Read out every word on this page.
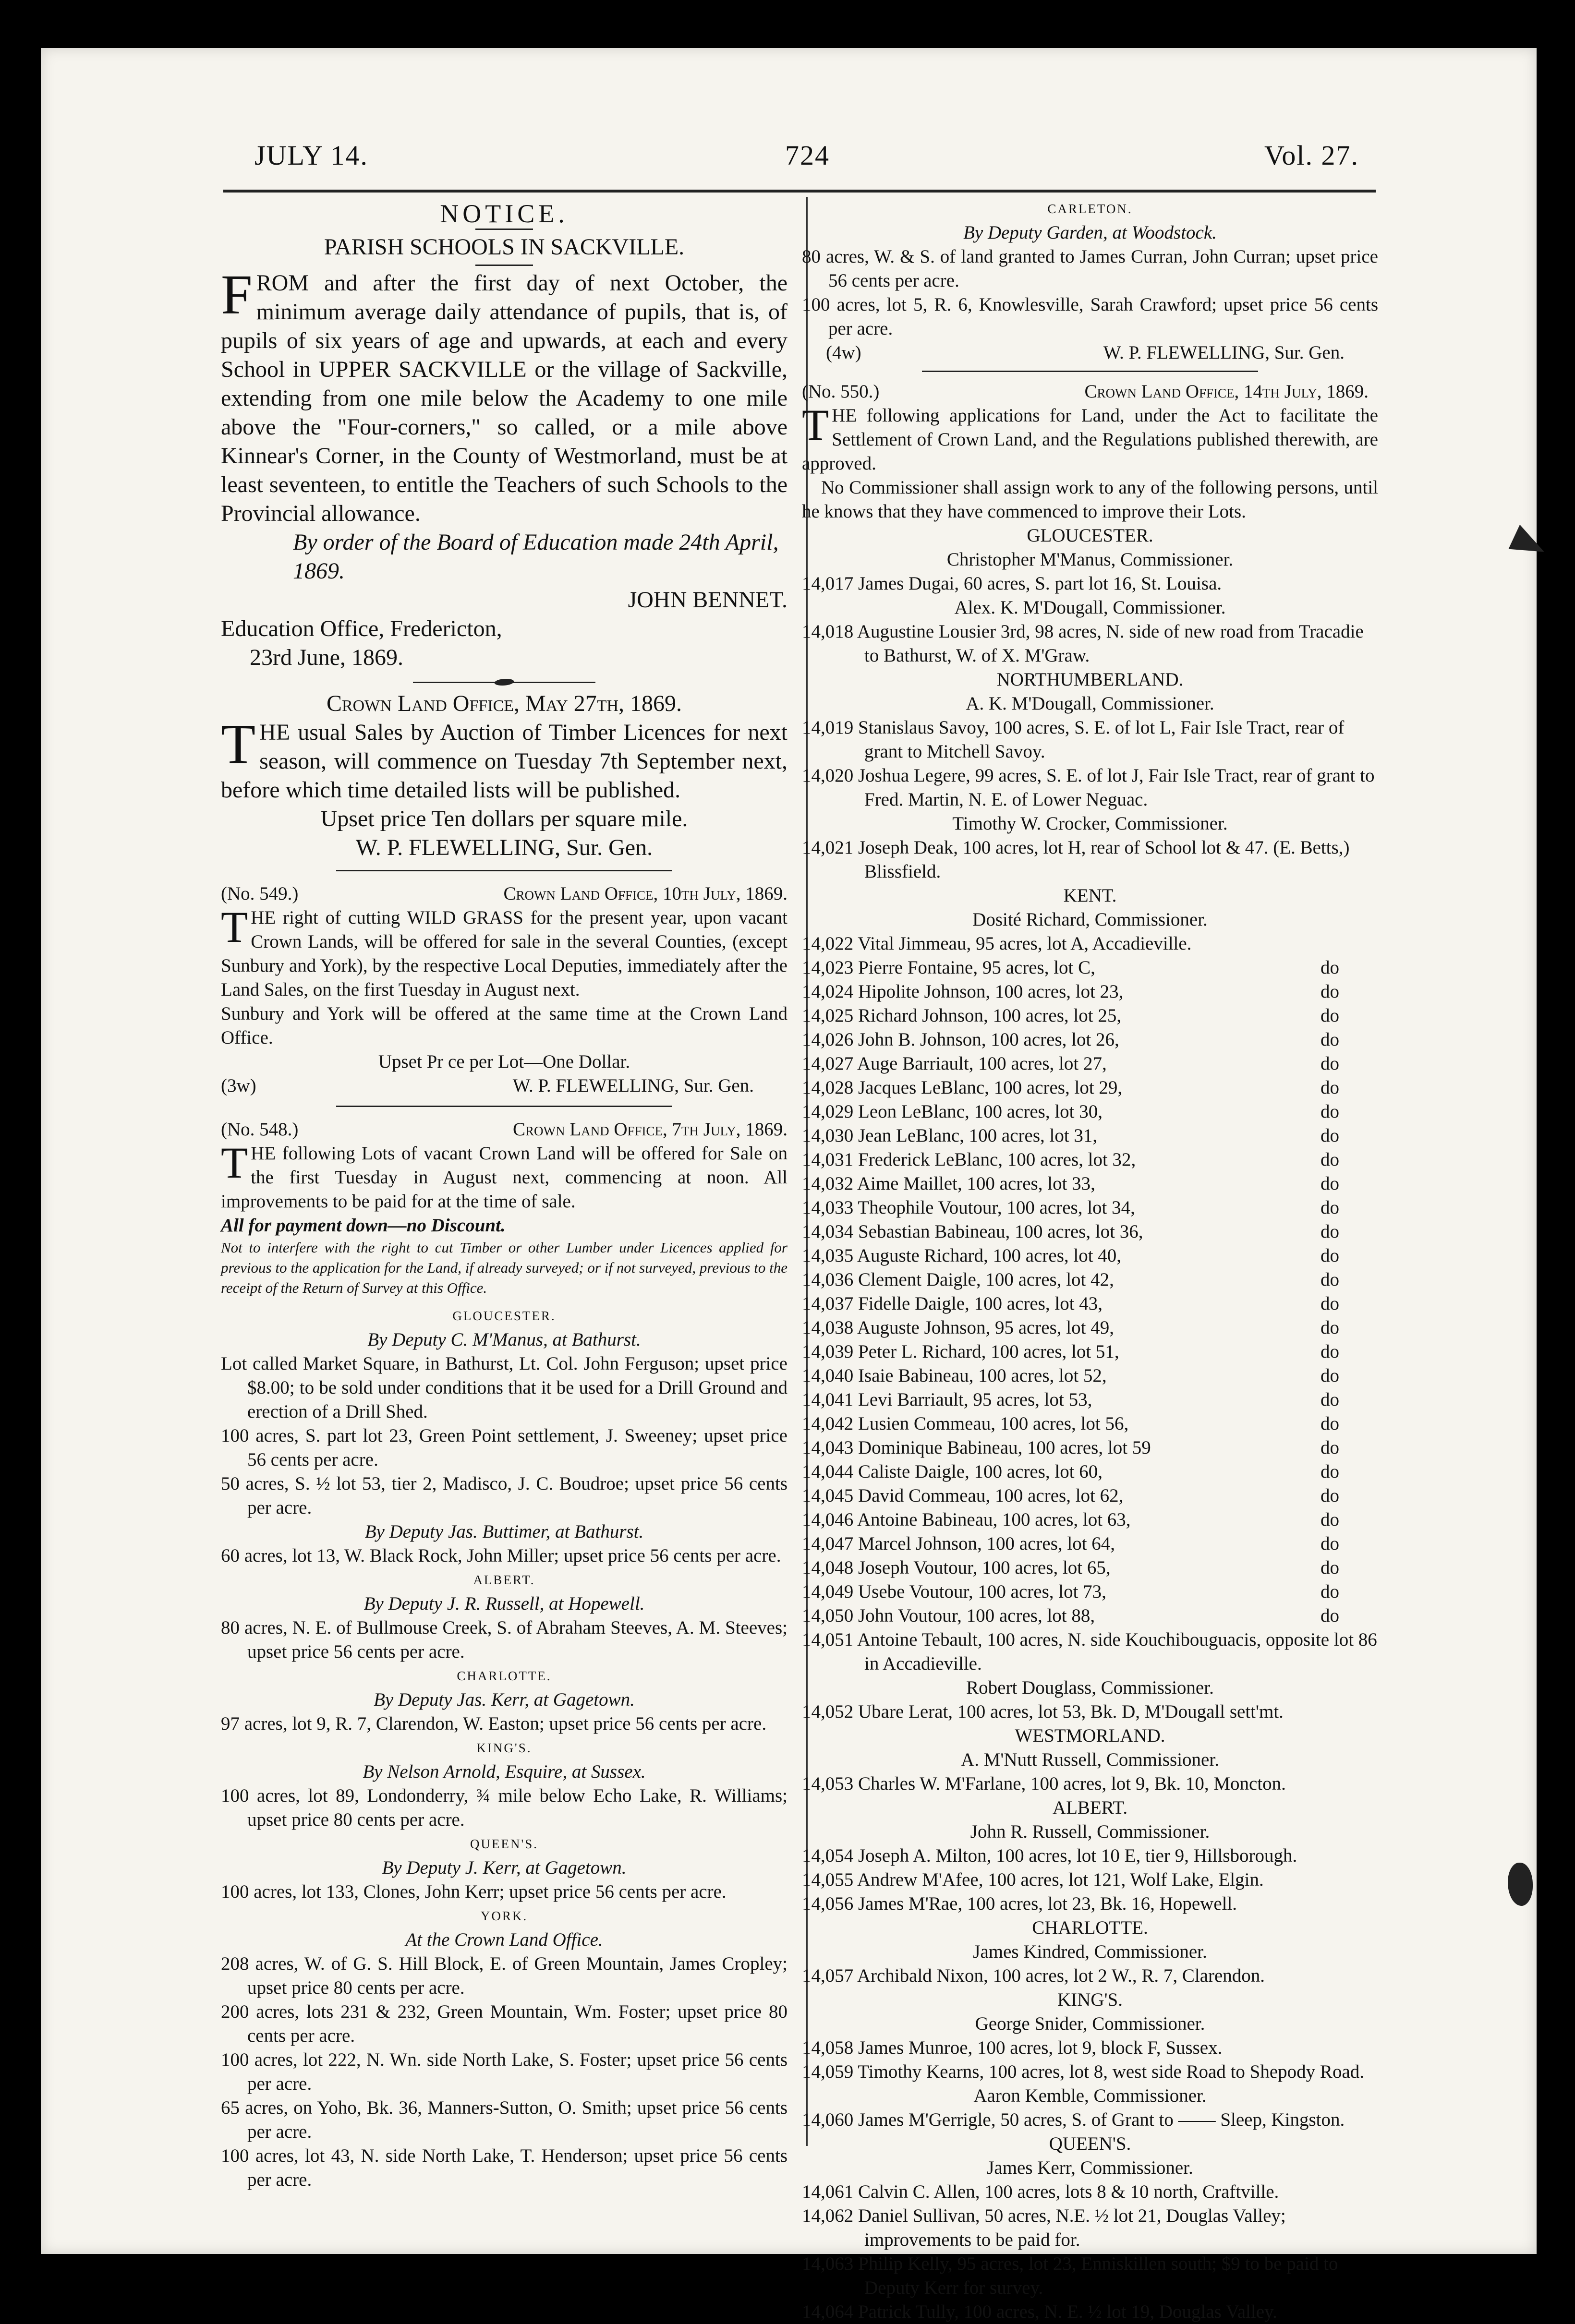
JULY 14.	724	Vol. 27.
NOTICE.
PARISH SCHOOLS IN SACKVILLE.
FROM and after the first day of next October, the minimum average daily attendance of pupils, that is, of pupils of six years of age and upwards, at each and every School in UPPER SACKVILLE or the village of Sackville, extending from one mile below the Academy to one mile above the "Four-corners," so called, or a mile above Kinnear's Corner, in the County of Westmorland, must be at least seventeen, to entitle the Teachers of such Schools to the Provincial allowance.
By order of the Board of Education made 24th April, 1869.
JOHN BENNET.
Education Office, Fredericton,
23rd June, 1869.
Crown Land Office, May 27th, 1869.
THE usual Sales by Auction of Timber Licences for next season, will commence on Tuesday 7th September next, before which time detailed lists will be published.
Upset price Ten dollars per square mile.
W. P. FLEWELLING, Sur. Gen.
(No. 549.)	Crown Land Office, 10th July, 1869.
THE right of cutting WILD GRASS for the present year, upon vacant Crown Lands, will be offered for sale in the several Counties, (except Sunbury and York), by the respective Local Deputies, immediately after the Land Sales, on the first Tuesday in August next.
Sunbury and York will be offered at the same time at the Crown Land Office.
Upset Pr ce per Lot—One Dollar.
(3w)	W. P. FLEWELLING, Sur. Gen.
(No. 548.)	Crown Land Office, 7th July, 1869.
THE following Lots of vacant Crown Land will be offered for Sale on the first Tuesday in August next, commencing at noon. All improvements to be paid for at the time of sale.
All for payment down—no Discount.
Not to interfere with the right to cut Timber or other Lumber under Licences applied for previous to the application for the Land, if already surveyed; or if not surveyed, previous to the receipt of the Return of Survey at this Office.
GLOUCESTER.
By Deputy C. M'Manus, at Bathurst.
Lot called Market Square, in Bathurst, Lt. Col. John Ferguson; upset price $8.00; to be sold under conditions that it be used for a Drill Ground and erection of a Drill Shed.
100 acres, S. part lot 23, Green Point settlement, J. Sweeney; upset price 56 cents per acre.
50 acres, S. ½ lot 53, tier 2, Madisco, J. C. Boudroe; upset price 56 cents per acre.
By Deputy Jas. Buttimer, at Bathurst.
60 acres, lot 13, W. Black Rock, John Miller; upset price 56 cents per acre.
ALBERT.
By Deputy J. R. Russell, at Hopewell.
80 acres, N. E. of Bullmouse Creek, S. of Abraham Steeves, A. M. Steeves; upset price 56 cents per acre.
CHARLOTTE.
By Deputy Jas. Kerr, at Gagetown.
97 acres, lot 9, R. 7, Clarendon, W. Easton; upset price 56 cents per acre.
KING'S.
By Nelson Arnold, Esquire, at Sussex.
100 acres, lot 89, Londonderry, ¾ mile below Echo Lake, R. Williams; upset price 80 cents per acre.
QUEEN'S.
By Deputy J. Kerr, at Gagetown.
100 acres, lot 133, Clones, John Kerr; upset price 56 cents per acre.
YORK.
At the Crown Land Office.
208 acres, W. of G. S. Hill Block, E. of Green Mountain, James Cropley; upset price 80 cents per acre.
200 acres, lots 231 & 232, Green Mountain, Wm. Foster; upset price 80 cents per acre.
100 acres, lot 222, N. Wn. side North Lake, S. Foster; upset price 56 cents per acre.
65 acres, on Yoho, Bk. 36, Manners-Sutton, O. Smith; upset price 56 cents per acre.
100 acres, lot 43, N. side North Lake, T. Henderson; upset price 56 cents per acre.
CARLETON.
By Deputy Garden, at Woodstock.
80 acres, W. & S. of land granted to James Curran, John Curran; upset price 56 cents per acre.
100 acres, lot 5, R. 6, Knowlesville, Sarah Crawford; upset price 56 cents per acre.
(4w)	W. P. FLEWELLING, Sur. Gen.
(No. 550.)	Crown Land Office, 14th July, 1869.
THE following applications for Land, under the Act to facilitate the Settlement of Crown Land, and the Regulations published therewith, are approved.
No Commissioner shall assign work to any of the following persons, until he knows that they have commenced to improve their Lots.
GLOUCESTER.
Christopher M'Manus, Commissioner.
14,017 James Dugai, 60 acres, S. part lot 16, St. Louisa.
Alex. K. M'Dougall, Commissioner.
14,018 Augustine Lousier 3rd, 98 acres, N. side of new road from Tracadie to Bathurst, W. of X. M'Graw.
NORTHUMBERLAND.
A. K. M'Dougall, Commissioner.
14,019 Stanislaus Savoy, 100 acres, S. E. of lot L, Fair Isle Tract, rear of grant to Mitchell Savoy.
14,020 Joshua Legere, 99 acres, S. E. of lot J, Fair Isle Tract, rear of grant to Fred. Martin, N. E. of Lower Neguac.
Timothy W. Crocker, Commissioner.
14,021 Joseph Deak, 100 acres, lot H, rear of School lot & 47. (E. Betts,) Blissfield.
KENT.
Dosité Richard, Commissioner.
14,022 Vital Jimmeau, 95 acres, lot A, Accadieville.
14,023 Pierre Fontaine, 95 acres, lot C,	do
14,024 Hipolite Johnson, 100 acres, lot 23,	do
14,025 Richard Johnson, 100 acres, lot 25,	do
14,026 John B. Johnson, 100 acres, lot 26,	do
14,027 Auge Barriault, 100 acres, lot 27,	do
14,028 Jacques LeBlanc, 100 acres, lot 29,	do
14,029 Leon LeBlanc, 100 acres, lot 30,	do
14,030 Jean LeBlanc, 100 acres, lot 31,	do
14,031 Frederick LeBlanc, 100 acres, lot 32,	do
14,032 Aime Maillet, 100 acres, lot 33,	do
14,033 Theophile Voutour, 100 acres, lot 34,	do
14,034 Sebastian Babineau, 100 acres, lot 36,	do
14,035 Auguste Richard, 100 acres, lot 40,	do
14,036 Clement Daigle, 100 acres, lot 42,	do
14,037 Fidelle Daigle, 100 acres, lot 43,	do
14,038 Auguste Johnson, 95 acres, lot 49,	do
14,039 Peter L. Richard, 100 acres, lot 51,	do
14,040 Isaie Babineau, 100 acres, lot 52,	do
14,041 Levi Barriault, 95 acres, lot 53,	do
14,042 Lusien Commeau, 100 acres, lot 56,	do
14,043 Dominique Babineau, 100 acres, lot 59	do
14,044 Caliste Daigle, 100 acres, lot 60,	do
14,045 David Commeau, 100 acres, lot 62,	do
14,046 Antoine Babineau, 100 acres, lot 63,	do
14,047 Marcel Johnson, 100 acres, lot 64,	do
14,048 Joseph Voutour, 100 acres, lot 65,	do
14,049 Usebe Voutour, 100 acres, lot 73,	do
14,050 John Voutour, 100 acres, lot 88,	do
14,051 Antoine Tebault, 100 acres, N. side Kouchibouguacis, opposite lot 86 in Accadieville.
Robert Douglass, Commissioner.
14,052 Ubare Lerat, 100 acres, lot 53, Bk. D, M'Dougall sett'mt.
WESTMORLAND.
A. M'Nutt Russell, Commissioner.
14,053 Charles W. M'Farlane, 100 acres, lot 9, Bk. 10, Moncton.
ALBERT.
John R. Russell, Commissioner.
14,054 Joseph A. Milton, 100 acres, lot 10 E, tier 9, Hillsborough.
14,055 Andrew M'Afee, 100 acres, lot 121, Wolf Lake, Elgin.
14,056 James M'Rae, 100 acres, lot 23, Bk. 16, Hopewell.
CHARLOTTE.
James Kindred, Commissioner.
14,057 Archibald Nixon, 100 acres, lot 2 W., R. 7, Clarendon.
KING'S.
George Snider, Commissioner.
14,058 James Munroe, 100 acres, lot 9, block F, Sussex.
14,059 Timothy Kearns, 100 acres, lot 8, west side Road to Shepody Road.
Aaron Kemble, Commissioner.
14,060 James M'Gerrigle, 50 acres, S. of Grant to —— Sleep, Kingston.
QUEEN'S.
James Kerr, Commissioner.
14,061 Calvin C. Allen, 100 acres, lots 8 & 10 north, Craftville.
14,062 Daniel Sullivan, 50 acres, N.E. ½ lot 21, Douglas Valley; improvements to be paid for.
14,063 Philip Kelly, 95 acres, lot 23, Enniskillen south; $9 to be paid to Deputy Kerr for survey.
14,064 Patrick Tully, 100 acres, N. E. ½ lot 19, Douglas Valley.
